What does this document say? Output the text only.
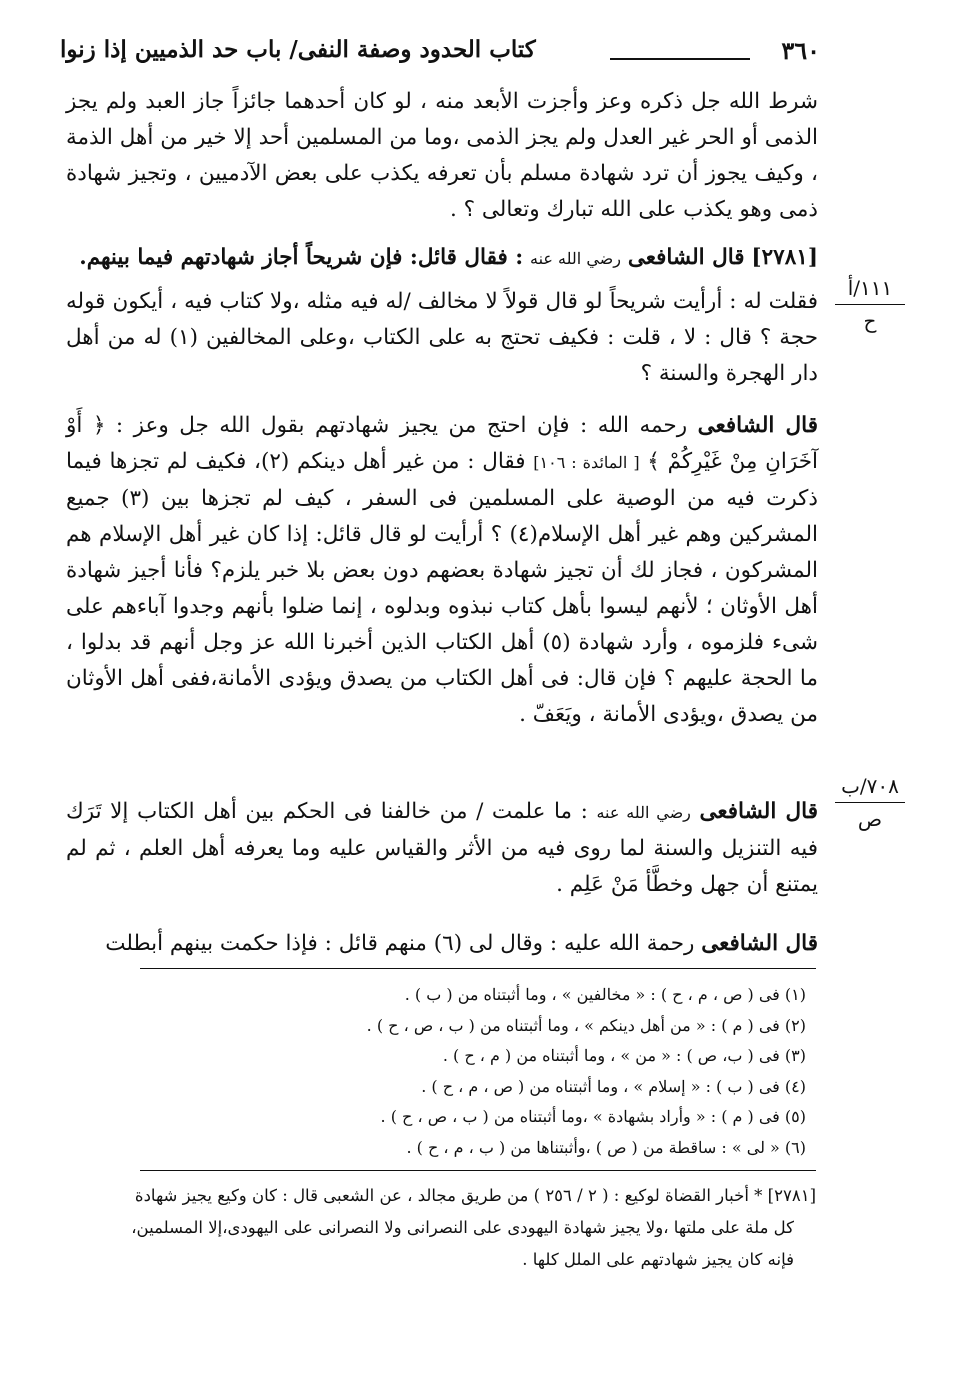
٣٦٠
كتاب الحدود وصفة النفى/ باب حد الذميين إذا زنوا

شرط الله جل ذكره وعز وأجزت الأبعد منه ، لو كان أحدهما جائزاً جاز العبد ولم يجز الذمى أو الحر غير العدل ولم يجز الذمى ،وما من المسلمين أحد إلا خير من أهل الذمة ، وكيف يجوز أن ترد شهادة مسلم بأن تعرفه يكذب على بعض الآدميين ، وتجيز شهادة ذمى وهو يكذب على الله تبارك وتعالى ؟ .

[٢٧٨١] قال الشافعى رضي الله عنه : فقال قائل: فإن شريحاً أجاز شهادتهم فيما بينهم.

فقلت له : أرأيت شريحاً لو قال قولاً لا مخالف /له فيه مثله ،ولا كتاب فيه ، أيكون قوله حجة ؟ قال : لا ، قلت : فكيف تحتج به على الكتاب ،وعلى المخالفين (١) له من أهل دار الهجرة والسنة ؟

قال الشافعى رحمه الله : فإن احتج من يجيز شهادتهم بقول الله جل وعز : ﴿ أَوْ آخَرَانِ مِنْ غَيْرِكُمْ ﴾ [ المائدة : ١٠٦] فقال : من غير أهل دينكم (٢)، فكيف لم تجزها فيما ذكرت فيه من الوصية على المسلمين فى السفر ، كيف لم تجزها بين (٣) جميع المشركين وهم غير أهل الإسلام(٤) ؟ أرأيت لو قال قائل: إذا كان غير أهل الإسلام هم المشركون ، فجاز لك أن تجيز شهادة بعضهم دون بعض بلا خبر يلزم؟ فأنا أجيز شهادة أهل الأوثان ؛ لأنهم ليسوا بأهل كتاب نبذوه وبدلوه ، إنما ضلوا بأنهم وجدوا آباءهم على شىء فلزموه ، وأرد شهادة (٥) أهل الكتاب الذين أخبرنا الله عز وجل أنهم قد بدلوا ، ما الحجة عليهم ؟ فإن قال: فى أهل الكتاب من يصدق ويؤدى الأمانة،ففى أهل الأوثان من يصدق ،ويؤدى الأمانة ، ويَعَفّ .

قال الشافعى رضي الله عنه : ما علمت / من خالفنا فى الحكم بين أهل الكتاب إلا تَرَك فيه التنزيل والسنة لما روى فيه من الأثر والقياس عليه وما يعرفه أهل العلم ، ثم لم يمتنع أن جهل وخطَّأ مَنْ عَلِم .

قال الشافعى رحمة الله عليه : وقال لى (٦) منهم قائل : فإذا حكمت بينهم أبطلت

١١١/أ
ح
٧٠٨/ب
ص

(١) فى ( ص ، م ، ح ) : « مخالفين » ، وما أثبتناه من ( ب ) .

(٢) فى ( م ) : « من أهل دينكم » ، وما أثبتناه من ( ب ، ص ، ح ) .

(٣) فى ( ب، ص ) : « من » ، وما أثبتناه من ( م ، ح ) .

(٤) فى ( ب ) : « إسلام » ، وما أثبتناه من ( ص ، م ، ح ) .

(٥) فى ( م ) : « وأراد بشهادة » ،وما أثبتناه من ( ب ، ص ، ح ) .

(٦) « لى » : ساقطة من ( ص ) ،وأثبتناها من ( ب ، م ، ح ) .

[٢٧٨١] * أخبار القضاة لوكيع : ( ٢ / ٢٥٦ ) من طريق مجالد ، عن الشعبى قال : كان وكيع يجيز شهادة

كل ملة على ملتها ،ولا يجيز شهادة اليهودى على النصرانى ولا النصرانى على اليهودى،إلا المسلمين،

فإنه كان يجيز شهادتهم على الملل كلها .
